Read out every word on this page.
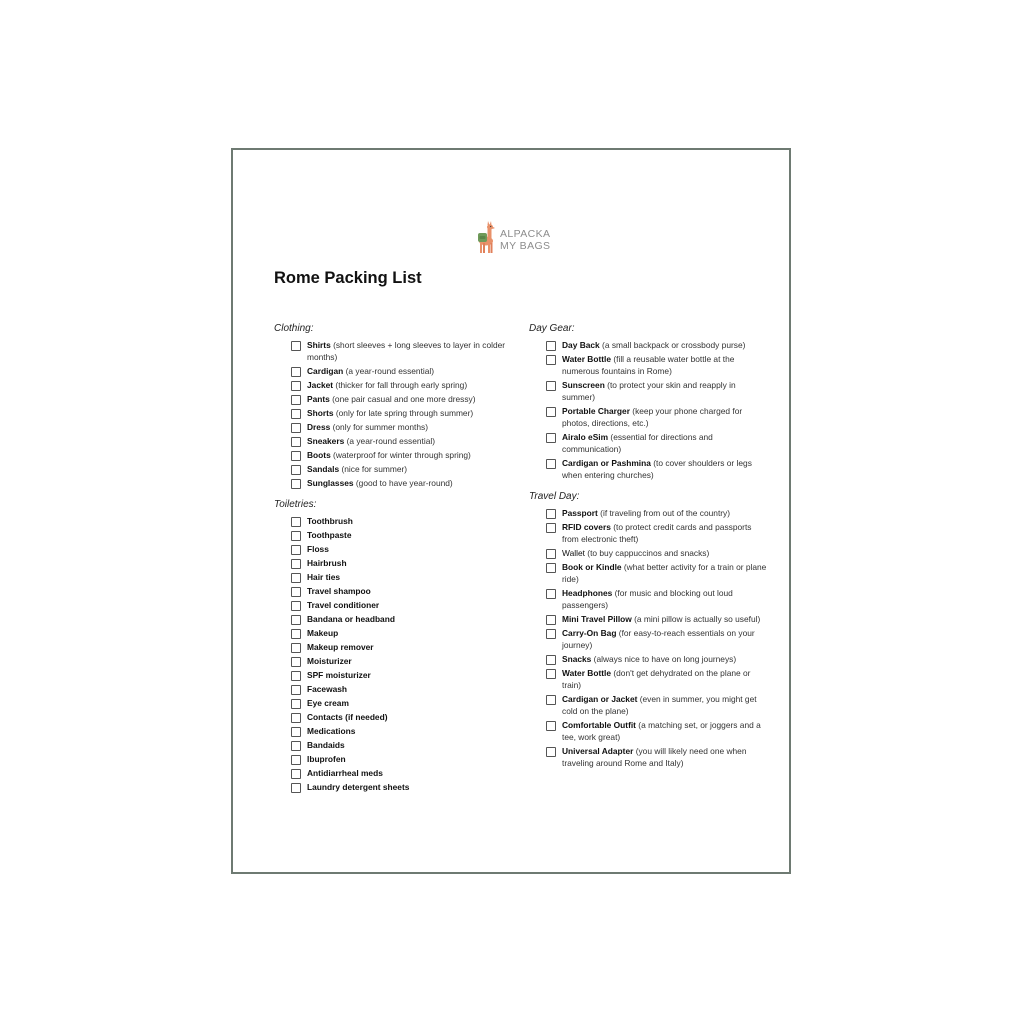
ALPACKA
MY BAGS
Rome Packing List
Clothing:
Shirts (short sleeves + long sleeves to layer in colder months)
Cardigan (a year-round essential)
Jacket (thicker for fall through early spring)
Pants (one pair casual and one more dressy)
Shorts (only for late spring through summer)
Dress (only for summer months)
Sneakers (a year-round essential)
Boots (waterproof for winter through spring)
Sandals (nice for summer)
Sunglasses (good to have year-round)
Toiletries:
Toothbrush
Toothpaste
Floss
Hairbrush
Hair ties
Travel shampoo
Travel conditioner
Bandana or headband
Makeup
Makeup remover
Moisturizer
SPF moisturizer
Facewash
Eye cream
Contacts (if needed)
Medications
Bandaids
Ibuprofen
Antidiarrheal meds
Laundry detergent sheets
Day Gear:
Day Back (a small backpack or crossbody purse)
Water Bottle (fill a reusable water bottle at the numerous fountains in Rome)
Sunscreen (to protect your skin and reapply in summer)
Portable Charger (keep your phone charged for photos, directions, etc.)
Airalo eSim (essential for directions and communication)
Cardigan or Pashmina (to cover shoulders or legs when entering churches)
Travel Day:
Passport (if traveling from out of the country)
RFID covers (to protect credit cards and passports from electronic theft)
Wallet (to buy cappuccinos and snacks)
Book or Kindle (what better activity for a train or plane ride)
Headphones (for music and blocking out loud passengers)
Mini Travel Pillow (a mini pillow is actually so useful)
Carry-On Bag (for easy-to-reach essentials on your journey)
Snacks (always nice to have on long journeys)
Water Bottle (don't get dehydrated on the plane or train)
Cardigan or Jacket (even in summer, you might get cold on the plane)
Comfortable Outfit (a matching set, or joggers and a tee, work great)
Universal Adapter (you will likely need one when traveling around Rome and Italy)
